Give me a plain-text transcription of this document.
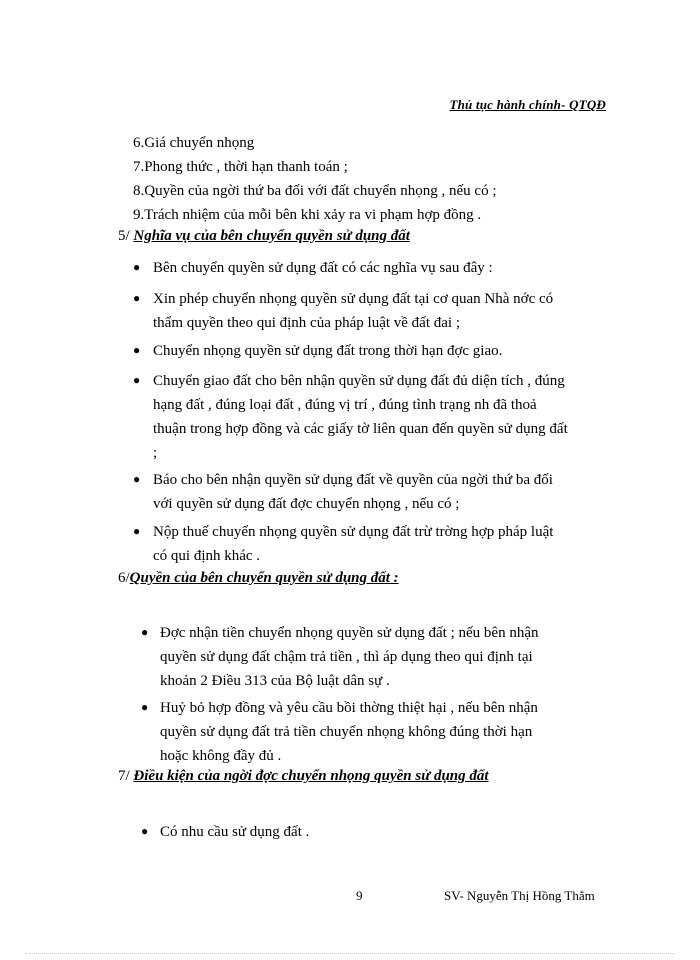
Thủ tục hành chính- QTQĐ
6.Giá chuyển nhọng
7.Phong thức , thời hạn thanh toán ;
8.Quyền của ngời thứ ba đối với đất chuyển nhọng , nếu có ;
9.Trách nhiệm của mỗi bên khi xảy ra vi phạm hợp đồng .
5/ Nghĩa vụ của bên chuyển quyền sử dụng đất
● Bên chuyển quyền sử dụng đất có các nghĩa vụ sau đây :
● Xin phép chuyển nhọng quyền sử dụng đất tại cơ quan Nhà nớc có
thẩm quyền theo qui định của pháp luật về đất đai ;
● Chuyển nhọng quyền sử dụng đất trong thời hạn đợc giao.
● Chuyển giao đất cho bên nhận quyền sử dụng đất đủ diện tích , đúng
hạng đất , đúng loại đất , đúng vị trí , đúng tình trạng nh đã thoả
thuận trong hợp đồng và các giấy tờ liên quan đến quyền sử dụng đất
;
● Báo cho bên nhận quyền sử dụng đất về quyền của ngời thứ ba đối
với quyền sử dụng đất đợc chuyển nhọng , nếu có ;
● Nộp thuế chuyển nhọng quyền sử dụng đất trừ trờng hợp pháp luật
có qui định khác .
6/Quyền của bên chuyển quyền sử dụng đất :
● Đợc nhận tiền chuyển nhọng quyền sử dụng đất ; nếu bên nhận
quyền sử dụng đất chậm trả tiền , thì áp dụng theo qui định tại
khoản 2 Điều 313 của Bộ luật dân sự .
● Huỷ bỏ hợp đồng và yêu cầu bồi thờng thiệt hại , nếu bên nhận
quyền sử dụng đất trả tiền chuyển nhọng không đúng thời hạn
hoặc không đầy đủ .
7/ Điều kiện của ngời đợc chuyển nhọng quyền sử dụng đất
● Có nhu cầu sử dụng đất .
9	SV- Nguyễn Thị Hồng Thắm
